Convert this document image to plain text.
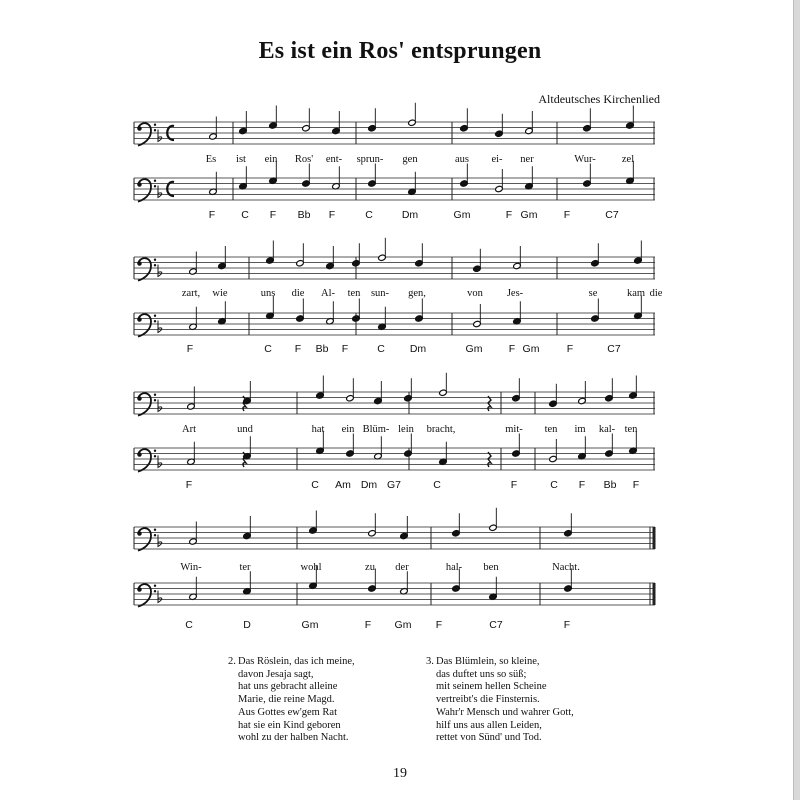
Es ist ein Ros' entsprungen
Altdeutsches Kirchenlied
Es ist ein Ros' ent- sprun- gen	aus ei- ner	Wur- zel
F C F Bb F	C	Dm	Gm	F Gm	F	C7
zart, wie	uns die Al- ten sun- gen,	von Jes-	se	kam die
F	C F Bb F	C Dm	Gm	F Gm	F	C7
Art	und	hat ein Blüm- lein bracht,	mit- ten im kal- ten
F	C Am Dm G7	C	F	C F Bb F
Win-	ter	wohl	zu der	hal- ben	Nacht.
C	D	Gm	F Gm F	C7	F
2. Das Röslein, das ich meine,
davon Jesaja sagt,
hat uns gebracht alleine
Marie, die reine Magd.
Aus Gottes ew'gem Rat
hat sie ein Kind geboren
wohl zu der halben Nacht.
3. Das Blümlein, so kleine,
das duftet uns so süß;
mit seinem hellen Scheine
vertreibt's die Finsternis.
Wahr'r Mensch und wahrer Gott,
hilf uns aus allen Leiden,
rettet von Sünd' und Tod.
19
